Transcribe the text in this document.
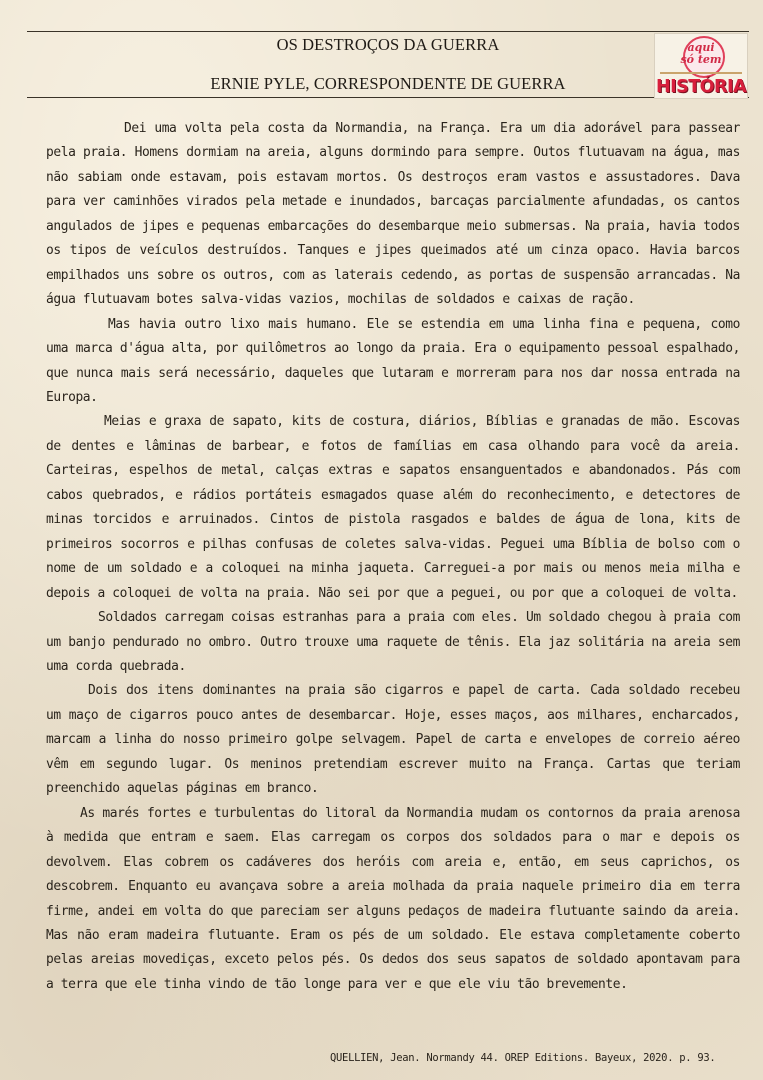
OS DESTROÇOS DA GUERRA
ERNIE PYLE, CORRESPONDENTE DE GUERRA
aqui
só tem
HISTÓRIA

Dei uma volta pela costa da Normandia, na França. Era um dia adorável para passear pela praia. Homens dormiam na areia, alguns dormindo para sempre. Outos flutuavam na água, mas não sabiam onde estavam, pois estavam mortos. Os destroços eram vastos e assustadores. Dava para ver caminhões virados pela metade e inundados, barcaças parcialmente afundadas, os cantos angulados de jipes e pequenas embarcações do desembarque meio submersas. Na praia, havia todos os tipos de veículos destruídos. Tanques e jipes queimados até um cinza opaco. Havia barcos empilhados uns sobre os outros, com as laterais cedendo, as portas de suspensão arrancadas. Na água flutuavam botes salva-vidas vazios, mochilas de soldados e caixas de ração.

Mas havia outro lixo mais humano. Ele se estendia em uma linha fina e pequena, como uma marca d'água alta, por quilômetros ao longo da praia. Era o equipamento pessoal espalhado, que nunca mais será necessário, daqueles que lutaram e morreram para nos dar nossa entrada na Europa.

Meias e graxa de sapato, kits de costura, diários, Bíblias e granadas de mão. Escovas de dentes e lâminas de barbear, e fotos de famílias em casa olhando para você da areia. Carteiras, espelhos de metal, calças extras e sapatos ensanguentados e abandonados. Pás com cabos quebrados, e rádios portáteis esmagados quase além do reconhecimento, e detectores de minas torcidos e arruinados. Cintos de pistola rasgados e baldes de água de lona, kits de primeiros socorros e pilhas confusas de coletes salva-vidas. Peguei uma Bíblia de bolso com o nome de um soldado e a coloquei na minha jaqueta. Carreguei-a por mais ou menos meia milha e depois a coloquei de volta na praia. Não sei por que a peguei, ou por que a coloquei de volta.

Soldados carregam coisas estranhas para a praia com eles. Um soldado chegou à praia com um banjo pendurado no ombro. Outro trouxe uma raquete de tênis. Ela jaz solitária na areia sem uma corda quebrada.

Dois dos itens dominantes na praia são cigarros e papel de carta. Cada soldado recebeu um maço de cigarros pouco antes de desembarcar. Hoje, esses maços, aos milhares, encharcados, marcam a linha do nosso primeiro golpe selvagem. Papel de carta e envelopes de correio aéreo vêm em segundo lugar. Os meninos pretendiam escrever muito na França. Cartas que teriam preenchido aquelas páginas em branco.

As marés fortes e turbulentas do litoral da Normandia mudam os contornos da praia arenosa à medida que entram e saem. Elas carregam os corpos dos soldados para o mar e depois os devolvem. Elas cobrem os cadáveres dos heróis com areia e, então, em seus caprichos, os descobrem. Enquanto eu avançava sobre a areia molhada da praia naquele primeiro dia em terra firme, andei em volta do que pareciam ser alguns pedaços de madeira flutuante saindo da areia. Mas não eram madeira flutuante. Eram os pés de um soldado. Ele estava completamente coberto pelas areias movediças, exceto pelos pés. Os dedos dos seus sapatos de soldado apontavam para a terra que ele tinha vindo de tão longe para ver e que ele viu tão brevemente.

QUELLIEN, Jean. Normandy 44. OREP Editions. Bayeux, 2020. p. 93.
